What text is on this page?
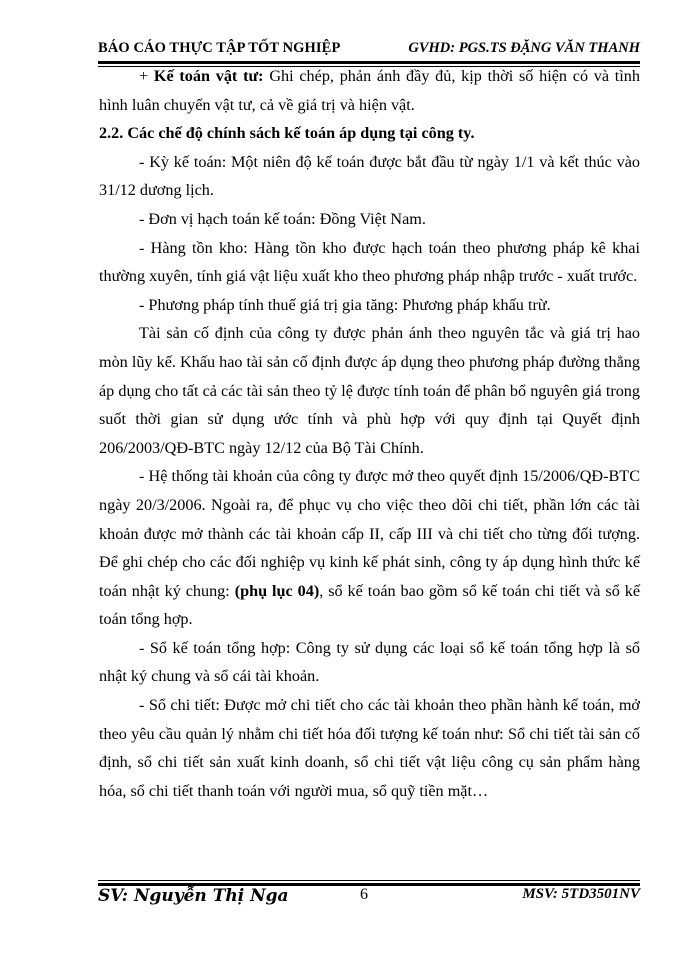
BÁO CÁO THỰC TẬP TỐT NGHIỆP	GVHD: PGS.TS ĐẶNG VĂN THANH

+ Kế toán vật tư: Ghi chép, phản ánh đầy đủ, kịp thời số hiện có và tình hình luân chuyển vật tư, cả về giá trị và hiện vật.

2.2. Các chế độ chính sách kế toán áp dụng tại công ty.

- Kỳ kế toán: Một niên độ kế toán được bắt đầu từ ngày 1/1 và kết thúc vào 31/12 dương lịch.

- Đơn vị hạch toán kế toán: Đồng Việt Nam.

- Hàng tồn kho: Hàng tồn kho được hạch toán theo phương pháp kê khai thường xuyên, tính giá vật liệu xuất kho theo phương pháp nhập trước - xuất trước.

- Phương pháp tính thuế giá trị gia tăng: Phương pháp khấu trừ.

Tài sản cố định của công ty được phản ánh theo nguyên tắc và giá trị hao mòn lũy kế. Khấu hao tài sản cố định được áp dụng theo phương pháp đường thẳng áp dụng cho tất cả các tài sản theo tỷ lệ được tính toán để phân bổ nguyên giá trong suốt thời gian sử dụng ước tính và phù hợp với quy định tại Quyết định 206/2003/QĐ-BTC ngày 12/12 của Bộ Tài Chính.

- Hệ thống tài khoản của công ty được mở theo quyết định 15/2006/QĐ-BTC ngày 20/3/2006. Ngoài ra, để phục vụ cho việc theo dõi chi tiết, phần lớn các tài khoản được mở thành các tài khoản cấp II, cấp III và chi tiết cho từng đối tượng. Để ghi chép cho các đối nghiệp vụ kinh kế phát sinh, công ty áp dụng hình thức kế toán nhật ký chung: (phụ lục 04), sổ kế toán bao gồm sổ kế toán chi tiết và sổ kế toán tổng hợp.

- Sổ kế toán tổng hợp: Công ty sử dụng các loại sổ kế toán tổng hợp là sổ nhật ký chung và sổ cái tài khoản.

- Sổ chi tiết: Được mở chi tiết cho các tài khoản theo phần hành kế toán, mở theo yêu cầu quản lý nhằm chi tiết hóa đối tượng kế toán như: Sổ chi tiết tài sản cố định, sổ chi tiết sản xuất kinh doanh, sổ chi tiết vật liệu công cụ sản phẩm hàng hóa, sổ chi tiết thanh toán với người mua, sổ quỹ tiền mặt…

SV: Nguyễn Thị Nga	6	MSV: 5TD3501NV
